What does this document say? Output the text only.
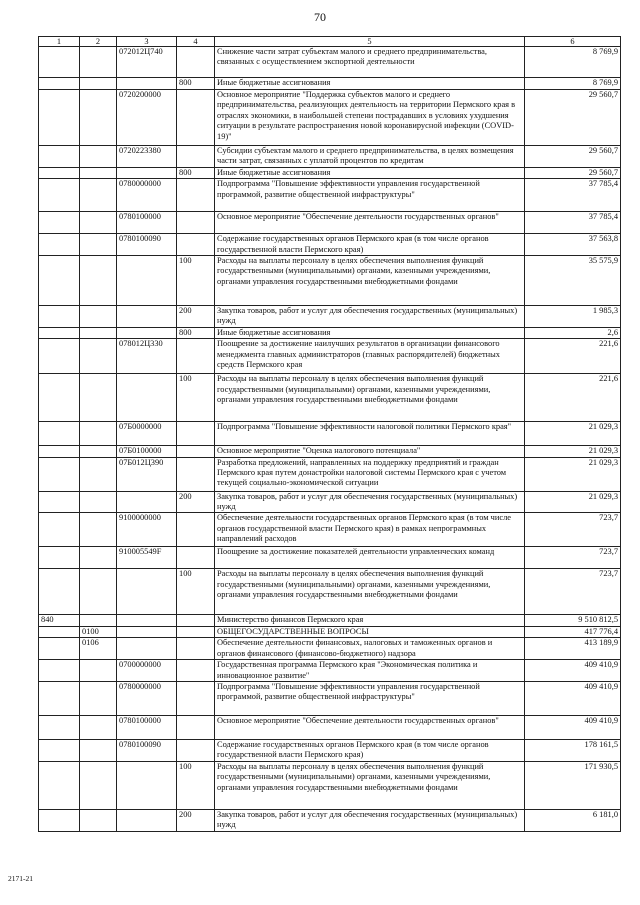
70
1	2	3	4	5	6
		072012Ц740		Снижение части затрат субъектам малого и среднего предпринимательства, связанных с осуществлением экспортной деятельности	8 769,9
			800	Иные бюджетные ассигнования	8 769,9
		0720200000		Основное мероприятие "Поддержка субъектов малого и среднего предпринимательства, реализующих деятельность на территории Пермского края в отраслях экономики, в наибольшей степени пострадавших в условиях ухудшения ситуации в результате распространения новой коронавирусной инфекции (COVID-19)"	29 560,7
		0720223380		Субсидии субъектам малого и среднего предпринимательства, в целях возмещения части затрат, связанных с уплатой процентов по кредитам	29 560,7
			800	Иные бюджетные ассигнования	29 560,7
		0780000000		Подпрограмма "Повышение эффективности управления государственной программой, развитие общественной инфраструктуры"	37 785,4
		0780100000		Основное мероприятие "Обеспечение деятельности государственных органов"	37 785,4
		0780100090		Содержание государственных органов Пермского края (в том числе органов государственной власти Пермского края)	37 563,8
			100	Расходы на выплаты персоналу в целях обеспечения выполнения функций государственными (муниципальными) органами, казенными учреждениями, органами управления государственными внебюджетными фондами	35 575,9
			200	Закупка товаров, работ и услуг для обеспечения государственных (муниципальных) нужд	1 985,3
			800	Иные бюджетные ассигнования	2,6
		078012Ц330		Поощрение за достижение наилучших результатов в организации финансового менеджмента главных администраторов (главных распорядителей) бюджетных средств Пермского края	221,6
			100	Расходы на выплаты персоналу в целях обеспечения выполнения функций государственными (муниципальными) органами, казенными учреждениями, органами управления государственными внебюджетными фондами	221,6
		07Б0000000		Подпрограмма "Повышение эффективности налоговой политики Пермского края"	21 029,3
		07Б0100000		Основное мероприятие "Оценка налогового потенциала"	21 029,3
		07Б012Ц390		Разработка предложений, направленных на поддержку предприятий и граждан Пермского края путем донастройки налоговой системы Пермского края с учетом текущей социально-экономической ситуации	21 029,3
			200	Закупка товаров, работ и услуг для обеспечения государственных (муниципальных) нужд	21 029,3
		9100000000		Обеспечение деятельности государственных органов Пермского края (в том числе органов государственной власти Пермского края) в рамках непрограммных направлений расходов	723,7
		910005549F		Поощрение за достижение показателей деятельности управленческих команд	723,7
			100	Расходы на выплаты персоналу в целях обеспечения выполнения функций государственными (муниципальными) органами, казенными учреждениями, органами управления государственными внебюджетными фондами	723,7
840				Министерство финансов Пермского края	9 510 812,5
	0100			ОБЩЕГОСУДАРСТВЕННЫЕ ВОПРОСЫ	417 776,4
	0106			Обеспечение деятельности финансовых, налоговых и таможенных органов и органов финансового (финансово-бюджетного) надзора	413 189,9
		0700000000		Государственная программа Пермского края "Экономическая политика и инновационное развитие"	409 410,9
		0780000000		Подпрограмма "Повышение эффективности управления государственной программой, развитие общественной инфраструктуры"	409 410,9
		0780100000		Основное мероприятие "Обеспечение деятельности государственных органов"	409 410,9
		0780100090		Содержание государственных органов Пермского края (в том числе органов государственной власти Пермского края)	178 161,5
			100	Расходы на выплаты персоналу в целях обеспечения выполнения функций государственными (муниципальными) органами, казенными учреждениями, органами управления государственными внебюджетными фондами	171 930,5
			200	Закупка товаров, работ и услуг для обеспечения государственных (муниципальных) нужд	6 181,0
2171-21
